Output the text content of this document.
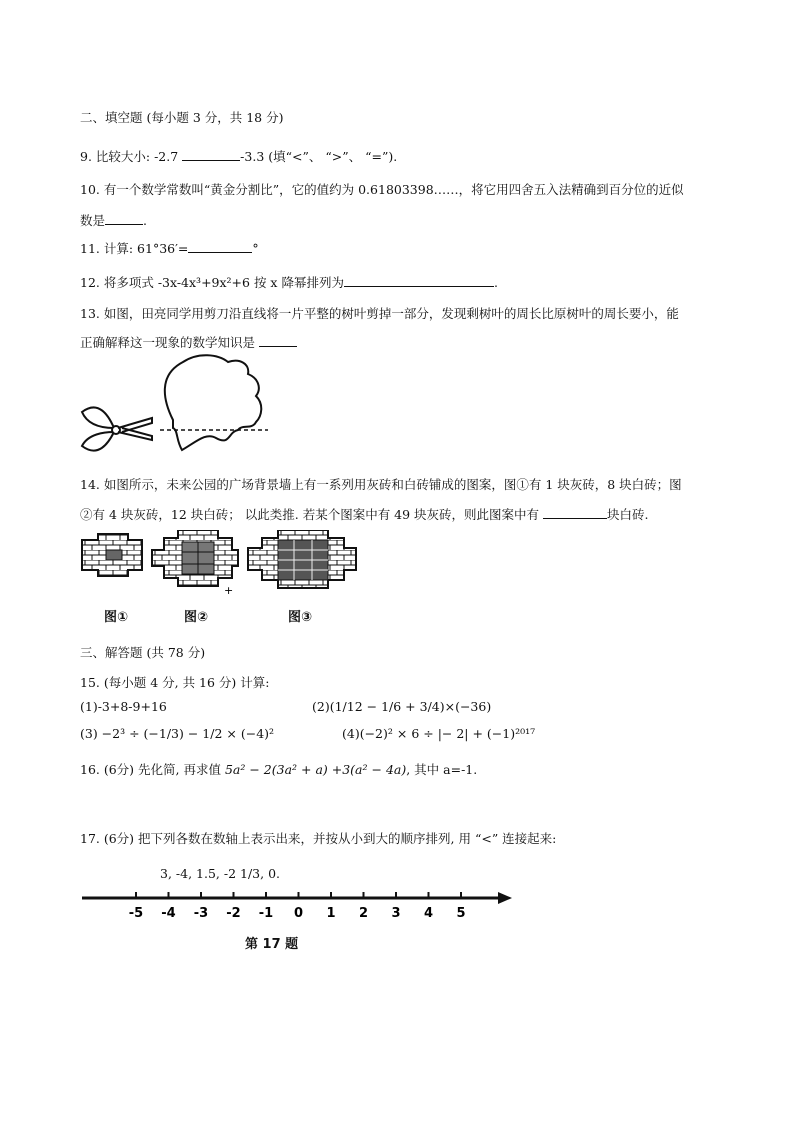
二、填空题 (每小题 3 分，共 18 分)
9. 比较大小: -2.7	-3.3 (填“<”、 “>”、 “=”).
10. 有一个数学常数叫“黄金分割比”，它的值约为 0.61803398……，将它用四舍五入法精确到百分位的近似
数是	.
11. 计算: 61°36′=	°
12. 将多项式 -3x-4x³+9x²+6 按 x 降幂排列为	.
13. 如图，田亮同学用剪刀沿直线将一片平整的树叶剪掉一部分，发现剩树叶的周长比原树叶的周长要小，能
正确解释这一现象的数学知识是
14. 如图所示，未来公园的广场背景墙上有一系列用灰砖和白砖铺成的图案，图①有 1 块灰砖，8 块白砖；图
②有 4 块灰砖，12 块白砖； 以此类推. 若某个图案中有 49 块灰砖，则此图案中有	块白砖.
+
图①	图②	图③
三、解答题 (共 78 分)
15. (每小题 4 分, 共 16 分) 计算:
(1)-3+8-9+16	(2)(1/12 − 1/6 + 3/4)×(−36)
(3) −2³ ÷ (−1/3) − 1/2 × (−4)²	(4)(−2)² × 6 ÷ |− 2| + (−1)²⁰¹⁷
16. (6分) 先化简, 再求值 5a² − 2(3a² + a) +3(a² − 4a), 其中 a=-1.
17. (6分) 把下列各数在数轴上表示出来，并按从小到大的顺序排列, 用 “<” 连接起来:
3, -4, 1.5, -2 1/3, 0.
-5 -4 -3 -2 -1 0 1 2 3 4 5
第 17 题
